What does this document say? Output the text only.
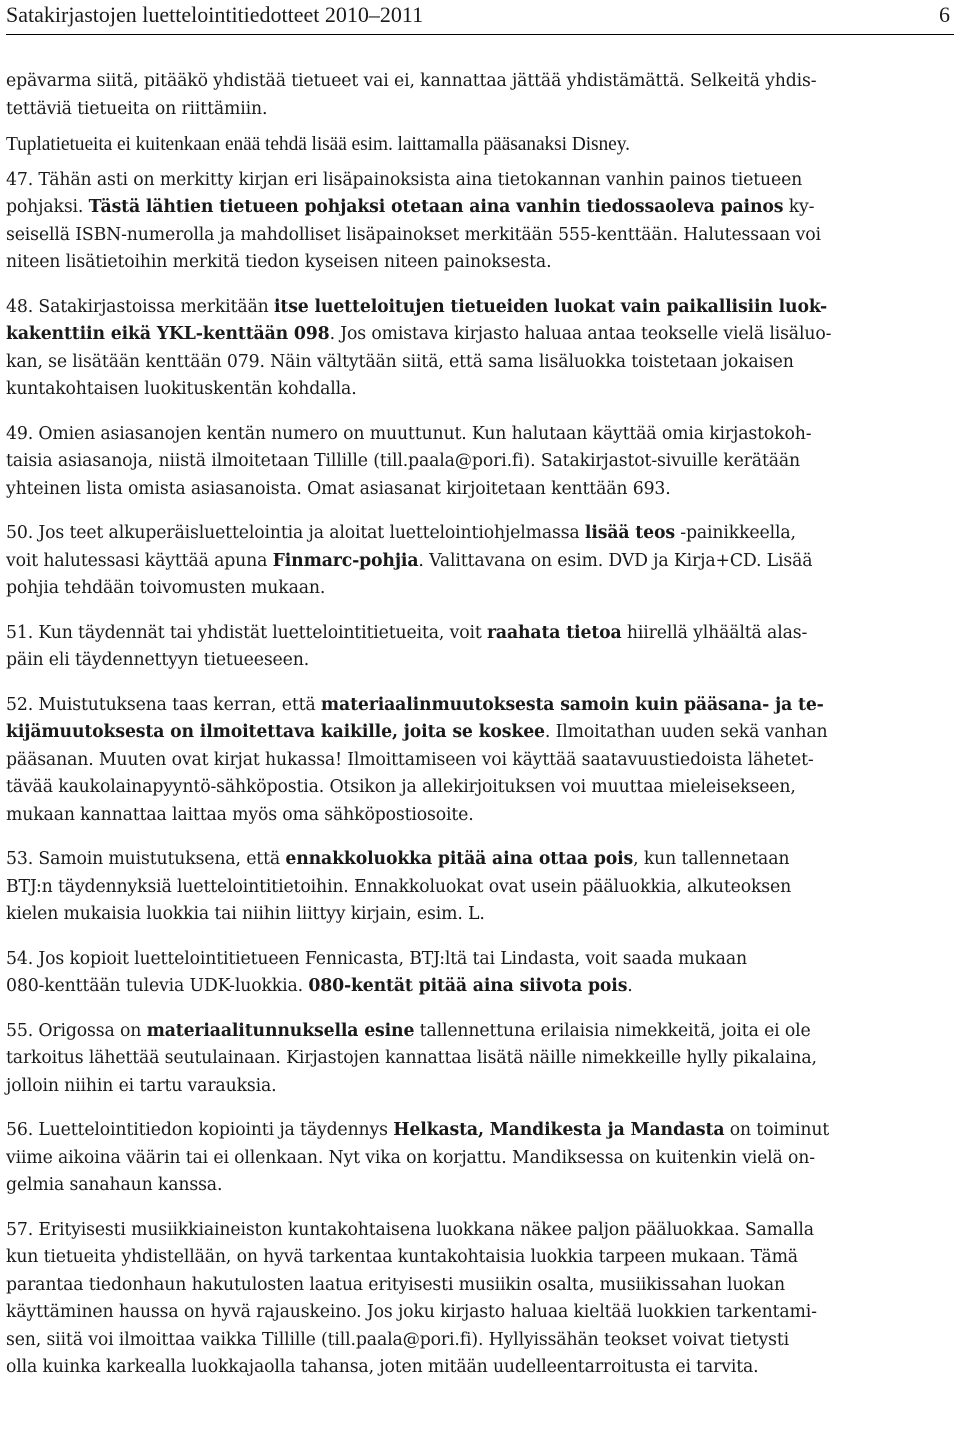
Satakirjastojen luettelointitiedotteet 2010–2011	6

epävarma siitä, pitääkö yhdistää tietueet vai ei, kannattaa jättää yhdistämättä. Selkeitä yhdis-
tettäviä tietueita on riittämiin.

Tuplatietueita ei kuitenkaan enää tehdä lisää esim. laittamalla pääsanaksi Disney.

47. Tähän asti on merkitty kirjan eri lisäpainoksista aina tietokannan vanhin painos tietueen
pohjaksi. Tästä lähtien tietueen pohjaksi otetaan aina vanhin tiedossaoleva painos ky-
seisellä ISBN-numerolla ja mahdolliset lisäpainokset merkitään 555-kenttään. Halutessaan voi
niteen lisätietoihin merkitä tiedon kyseisen niteen painoksesta.

48. Satakirjastoissa merkitään itse luetteloitujen tietueiden luokat vain paikallisiin luok-
kakenttiin eikä YKL-kenttään 098. Jos omistava kirjasto haluaa antaa teokselle vielä lisäluo-
kan, se lisätään kenttään 079. Näin vältytään siitä, että sama lisäluokka toistetaan jokaisen
kuntakohtaisen luokituskentän kohdalla.

49. Omien asiasanojen kentän numero on muuttunut. Kun halutaan käyttää omia kirjastokoh-
taisia asiasanoja, niistä ilmoitetaan Tillille (till.paala@pori.fi). Satakirjastot-sivuille kerätään
yhteinen lista omista asiasanoista. Omat asiasanat kirjoitetaan kenttään 693.

50. Jos teet alkuperäisluettelointia ja aloitat luettelointiohjelmassa lisää teos -painikkeella,
voit halutessasi käyttää apuna Finmarc-pohjia. Valittavana on esim. DVD ja Kirja+CD. Lisää
pohjia tehdään toivomusten mukaan.

51. Kun täydennät tai yhdistät luettelointitietueita, voit raahata tietoa hiirellä ylhäältä alas-
päin eli täydennettyyn tietueeseen.

52. Muistutuksena taas kerran, että materiaalinmuutoksesta samoin kuin pääsana- ja te-
kijämuutoksesta on ilmoitettava kaikille, joita se koskee. Ilmoitathan uuden sekä vanhan
pääsanan. Muuten ovat kirjat hukassa! Ilmoittamiseen voi käyttää saatavuustiedoista lähetet-
tävää kaukolainapyyntö-sähköpostia. Otsikon ja allekirjoituksen voi muuttaa mieleisekseen,
mukaan kannattaa laittaa myös oma sähköpostiosoite.

53. Samoin muistutuksena, että ennakkoluokka pitää aina ottaa pois, kun tallennetaan
BTJ:n täydennyksiä luettelointitietoihin. Ennakkoluokat ovat usein pääluokkia, alkuteoksen
kielen mukaisia luokkia tai niihin liittyy kirjain, esim. L.

54. Jos kopioit luettelointitietueen Fennicasta, BTJ:ltä tai Lindasta, voit saada mukaan
080-kenttään tulevia UDK-luokkia. 080-kentät pitää aina siivota pois.

55. Origossa on materiaalitunnuksella esine tallennettuna erilaisia nimekkeitä, joita ei ole
tarkoitus lähettää seutulainaan. Kirjastojen kannattaa lisätä näille nimekkeille hylly pikalaina,
jolloin niihin ei tartu varauksia.

56. Luettelointitiedon kopiointi ja täydennys Helkasta, Mandikesta ja Mandasta on toiminut
viime aikoina väärin tai ei ollenkaan. Nyt vika on korjattu. Mandiksessa on kuitenkin vielä on-
gelmia sanahaun kanssa.

57. Erityisesti musiikkiaineiston kuntakohtaisena luokkana näkee paljon pääluokkaa. Samalla
kun tietueita yhdistellään, on hyvä tarkentaa kuntakohtaisia luokkia tarpeen mukaan. Tämä
parantaa tiedonhaun hakutulosten laatua erityisesti musiikin osalta, musiikissahan luokan
käyttäminen haussa on hyvä rajauskeino. Jos joku kirjasto haluaa kieltää luokkien tarkentami-
sen, siitä voi ilmoittaa vaikka Tillille (till.paala@pori.fi). Hyllyissähän teokset voivat tietysti
olla kuinka karkealla luokkajaolla tahansa, joten mitään uudelleentarroitusta ei tarvita.
